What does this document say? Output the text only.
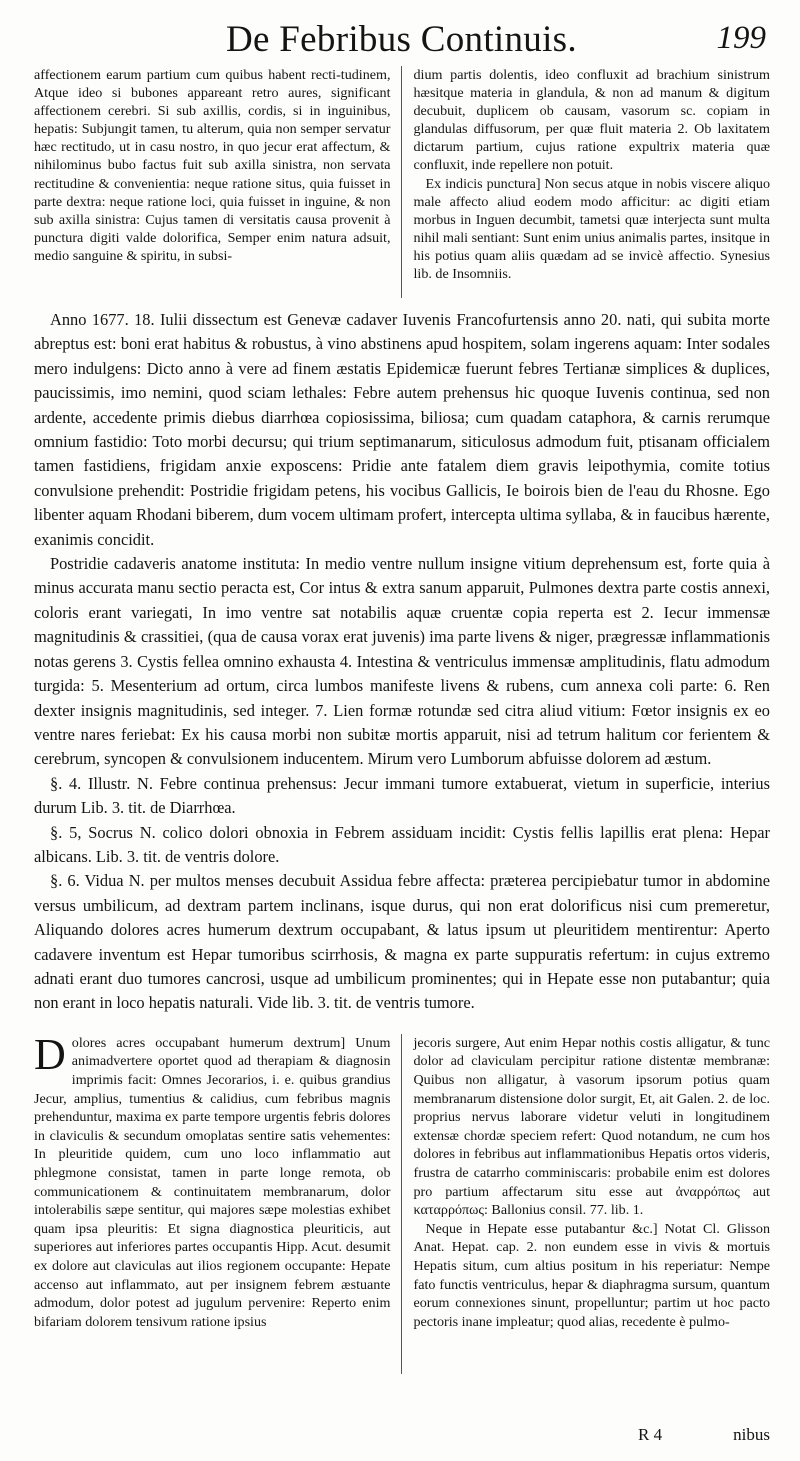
De Febribus Continuis.	199

affectionem earum partium cum quibus habent recti-tudinem, Atque ideo si bubones appareant retro aures, significant affectionem cerebri. Si sub axillis, cordis, si in inguinibus, hepatis: Subjungit tamen, tu alterum, quia non semper servatur hæc rectitudo, ut in casu nostro, in quo jecur erat affectum, & nihilominus bubo factus fuit sub axilla sinistra, non servata rectitudine & convenientia: neque ratione situs, quia fuisset in parte dextra: neque ratione loci, quia fuisset in inguine, & non sub axilla sinistra: Cujus tamen di versitatis causa provenit à punctura digiti valde dolorifica, Semper enim natura adsuit, medio sanguine & spiritu, in subsi-

dium partis dolentis, ideo confluxit ad brachium sinistrum hæsitque materia in glandula, & non ad manum & digitum decubuit, duplicem ob causam, vasorum sc. copiam in glandulas diffusorum, per quæ fluit materia 2. Ob laxitatem dictarum partium, cujus ratione expultrix materia quæ confluxit, inde repellere non potuit.

Ex indicis punctura] Non secus atque in nobis viscere aliquo male affecto aliud eodem modo afficitur: ac digiti etiam morbus in Inguen decumbit, tametsi quæ interjecta sunt multa nihil mali sentiant: Sunt enim unius animalis partes, insitque in his potius quam aliis quædam ad se invicè affectio. Synesius lib. de Insomniis.

Anno 1677. 18. Iulii dissectum est Genevæ cadaver Iuvenis Francofurtensis anno 20. nati, qui subita morte abreptus est: boni erat habitus & robustus, à vino abstinens apud hospitem, solam ingerens aquam: Inter sodales mero indulgens: Dicto anno à vere ad finem æstatis Epidemicæ fuerunt febres Tertianæ simplices & duplices, paucissimis, imo nemini, quod sciam lethales: Febre autem prehensus hic quoque Iuvenis continua, sed non ardente, accedente primis diebus diarrhœa copiosissima, biliosa; cum quadam cataphora, & carnis rerumque omnium fastidio: Toto morbi decursu; qui trium septimanarum, siticulosus admodum fuit, ptisanam officialem tamen fastidiens, frigidam anxie exposcens: Pridie ante fatalem diem gravis leipothymia, comite totius convulsione prehendit: Postridie frigidam petens, his vocibus Gallicis, Ie boirois bien de l'eau du Rhosne. Ego libenter aquam Rhodani biberem, dum vocem ultimam profert, intercepta ultima syllaba, & in faucibus hærente, exanimis concidit.

Postridie cadaveris anatome instituta: In medio ventre nullum insigne vitium deprehensum est, forte quia à minus accurata manu sectio peracta est, Cor intus & extra sanum apparuit, Pulmones dextra parte costis annexi, coloris erant variegati, In imo ventre sat notabilis aquæ cruentæ copia reperta est 2. Iecur immensæ magnitudinis & crassitiei, (qua de causa vorax erat juvenis) ima parte livens & niger, prægressæ inflammationis notas gerens 3. Cystis fellea omnino exhausta 4. Intestina & ventriculus immensæ amplitudinis, flatu admodum turgida: 5. Mesenterium ad ortum, circa lumbos manifeste livens & rubens, cum annexa coli parte: 6. Ren dexter insignis magnitudinis, sed integer. 7. Lien formæ rotundæ sed citra aliud vitium: Fœtor insignis ex eo ventre nares feriebat: Ex his causa morbi non subitæ mortis apparuit, nisi ad tetrum halitum cor ferientem & cerebrum, syncopen & convulsionem inducentem. Mirum vero Lumborum abfuisse dolorem ad æstum.

§. 4. Illustr. N. Febre continua prehensus: Jecur immani tumore extabuerat, vietum in superficie, interius durum Lib. 3. tit. de Diarrhœa.

§. 5, Socrus N. colico dolori obnoxia in Febrem assiduam incidit: Cystis fellis lapillis erat plena: Hepar albicans. Lib. 3. tit. de ventris dolore.

§. 6. Vidua N. per multos menses decubuit Assidua febre affecta: præterea percipiebatur tumor in abdomine versus umbilicum, ad dextram partem inclinans, isque durus, qui non erat dolorificus nisi cum premeretur, Aliquando dolores acres humerum dextrum occupabant, & latus ipsum ut pleuritidem mentirentur: Aperto cadavere inventum est Hepar tumoribus scirrhosis, & magna ex parte suppuratis refertum: in cujus extremo adnati erant duo tumores cancrosi, usque ad umbilicum prominentes; qui in Hepate esse non putabantur; quia non erant in loco hepatis naturali. Vide lib. 3. tit. de ventris tumore.

D olores acres occupabant humerum dextrum] Unum animadvertere oportet quod ad therapiam & diagnosin imprimis facit: Omnes Jecorarios, i. e. quibus grandius Jecur, amplius, tumentius & calidius, cum febribus magnis prehenduntur, maxima ex parte tempore urgentis febris dolores in claviculis & secundum omoplatas sentire satis vehementes: In pleuritide quidem, cum uno loco inflammatio aut phlegmone consistat, tamen in parte longe remota, ob communicationem & continuitatem membranarum, dolor intolerabilis sæpe sentitur, qui majores sæpe molestias exhibet quam ipsa pleuritis: Et signa diagnostica pleuriticis, aut superiores aut inferiores partes occupantis Hipp. Acut. desumit ex dolore aut claviculas aut ilios regionem occupante: Hepate accenso aut inflammato, aut per insignem febrem æstuante admodum, dolor potest ad jugulum pervenire: Reperto enim bifariam dolorem tensivum ratione ipsius

jecoris surgere, Aut enim Hepar nothis costis alligatur, & tunc dolor ad claviculam percipitur ratione distentæ membranæ: Quibus non alligatur, à vasorum ipsorum potius quam membranarum distensione dolor surgit, Et, ait Galen. 2. de loc. proprius nervus laborare videtur veluti in longitudinem extensæ chordæ speciem refert: Quod notandum, ne cum hos dolores in febribus aut inflammationibus Hepatis ortos videris, frustra de catarrho comminiscaris: probabile enim est dolores pro partium affectarum situ esse aut ἀναρρόπως aut καταρρόπως: Ballonius consil. 77. lib. 1.

Neque in Hepate esse putabantur &c.] Notat Cl. Glisson Anat. Hepat. cap. 2. non eundem esse in vivis & mortuis Hepatis situm, cum altius positum in his reperiatur: Nempe fato functis ventriculus, hepar & diaphragma sursum, quantum eorum connexiones sinunt, propelluntur; partim ut hoc pacto pectoris inane impleatur; quod alias, recedente è pulmo-

R 4	nibus
